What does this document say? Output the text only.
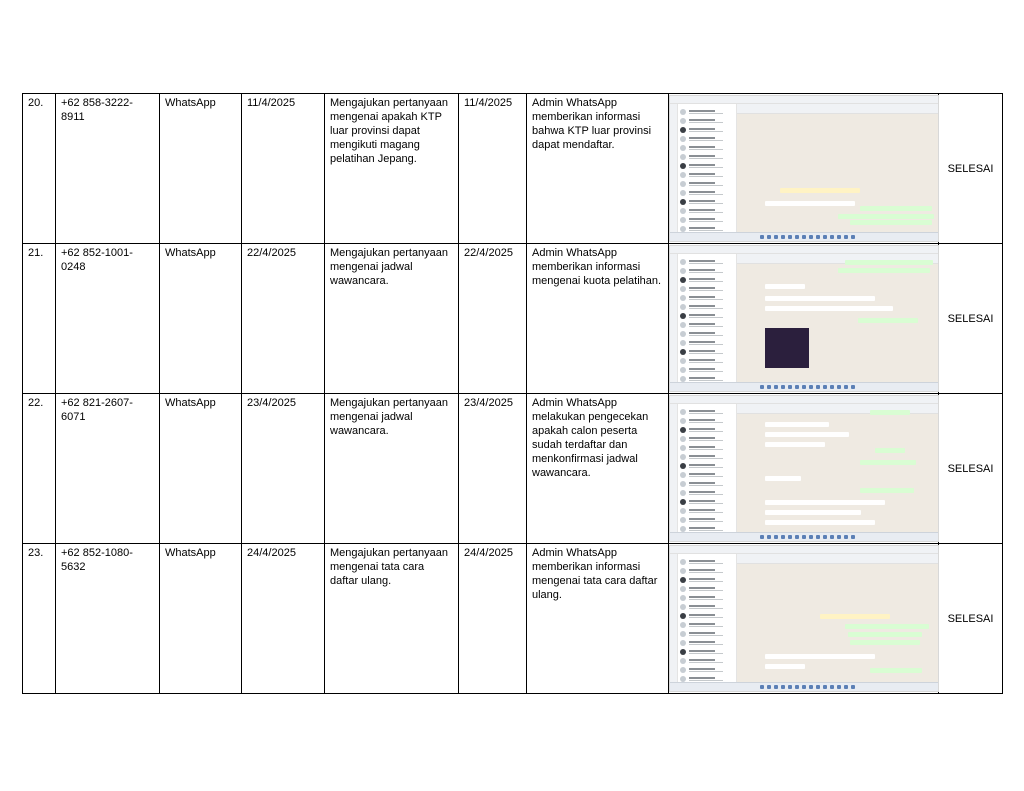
20.	+62 858-3222-8911	WhatsApp	11/4/2025	Mengajukan pertanyaan mengenai apakah KTP luar provinsi dapat mengikuti magang pelatihan Jepang.	11/4/2025	Admin WhatsApp memberikan informasi bahwa KTP luar provinsi dapat mendaftar.		SELESAI
21.	+62 852-1001-0248	WhatsApp	22/4/2025	Mengajukan pertanyaan mengenai jadwal wawancara.	22/4/2025	Admin WhatsApp memberikan informasi mengenai kuota pelatihan.		SELESAI
22.	+62 821-2607-6071	WhatsApp	23/4/2025	Mengajukan pertanyaan mengenai jadwal wawancara.	23/4/2025	Admin WhatsApp melakukan pengecekan apakah calon peserta sudah terdaftar dan menkonfirmasi jadwal wawancara.		SELESAI
23.	+62 852-1080-5632	WhatsApp	24/4/2025	Mengajukan pertanyaan mengenai tata cara daftar ulang.	24/4/2025	Admin WhatsApp memberikan informasi mengenai tata cara daftar ulang.		SELESAI
